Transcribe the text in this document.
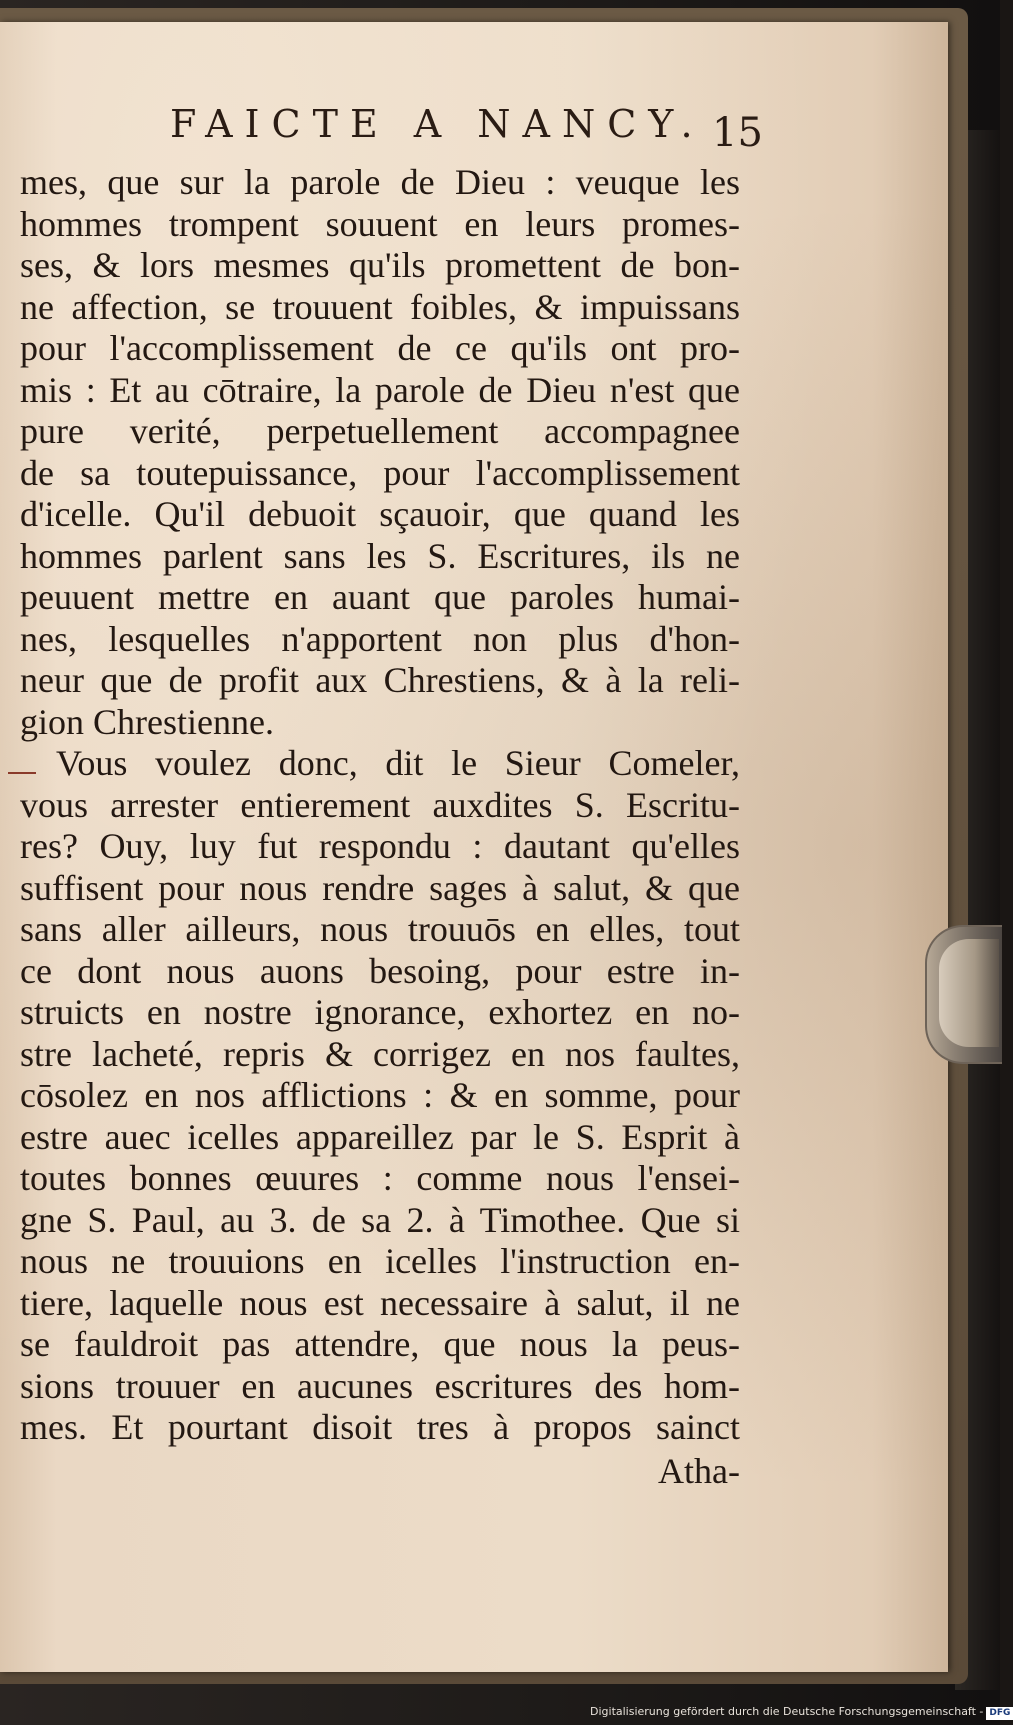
FAICTE A NANCY. 15
mes, que sur la parole de Dieu : veuque les
hommes trompent souuent en leurs promes-
ses, & lors mesmes qu'ils promettent de bon-
ne affection, se trouuent foibles, & impuissans
pour l'accomplissement de ce qu'ils ont pro-
mis : Et au cōtraire, la parole de Dieu n'est que
pure verité, perpetuellement accompagnee
de sa toutepuissance, pour l'accomplissement
d'icelle. Qu'il debuoit sçauoir, que quand les
hommes parlent sans les S. Escritures, ils ne
peuuent mettre en auant que paroles humai-
nes, lesquelles n'apportent non plus d'hon-
neur que de profit aux Chrestiens, & à la reli-
gion Chrestienne.
Vous voulez donc, dit le Sieur Comeler,
vous arrester entierement auxdites S. Escritu-
res? Ouy, luy fut respondu : dautant qu'elles
suffisent pour nous rendre sages à salut, & que
sans aller ailleurs, nous trouuōs en elles, tout
ce dont nous auons besoing, pour estre in-
struicts en nostre ignorance, exhortez en no-
stre lacheté, repris & corrigez en nos faultes,
cōsolez en nos afflictions : & en somme, pour
estre auec icelles appareillez par le S. Esprit à
toutes bonnes œuures : comme nous l'ensei-
gne S. Paul, au 3. de sa 2. à Timothee. Que si
nous ne trouuions en icelles l'instruction en-
tiere, laquelle nous est necessaire à salut, il ne
se fauldroit pas attendre, que nous la peus-
sions trouuer en aucunes escritures des hom-
mes. Et pourtant disoit tres à propos sainct
Atha-
Digitalisierung gefördert durch die Deutsche Forschungsgemeinschaft - DFG
